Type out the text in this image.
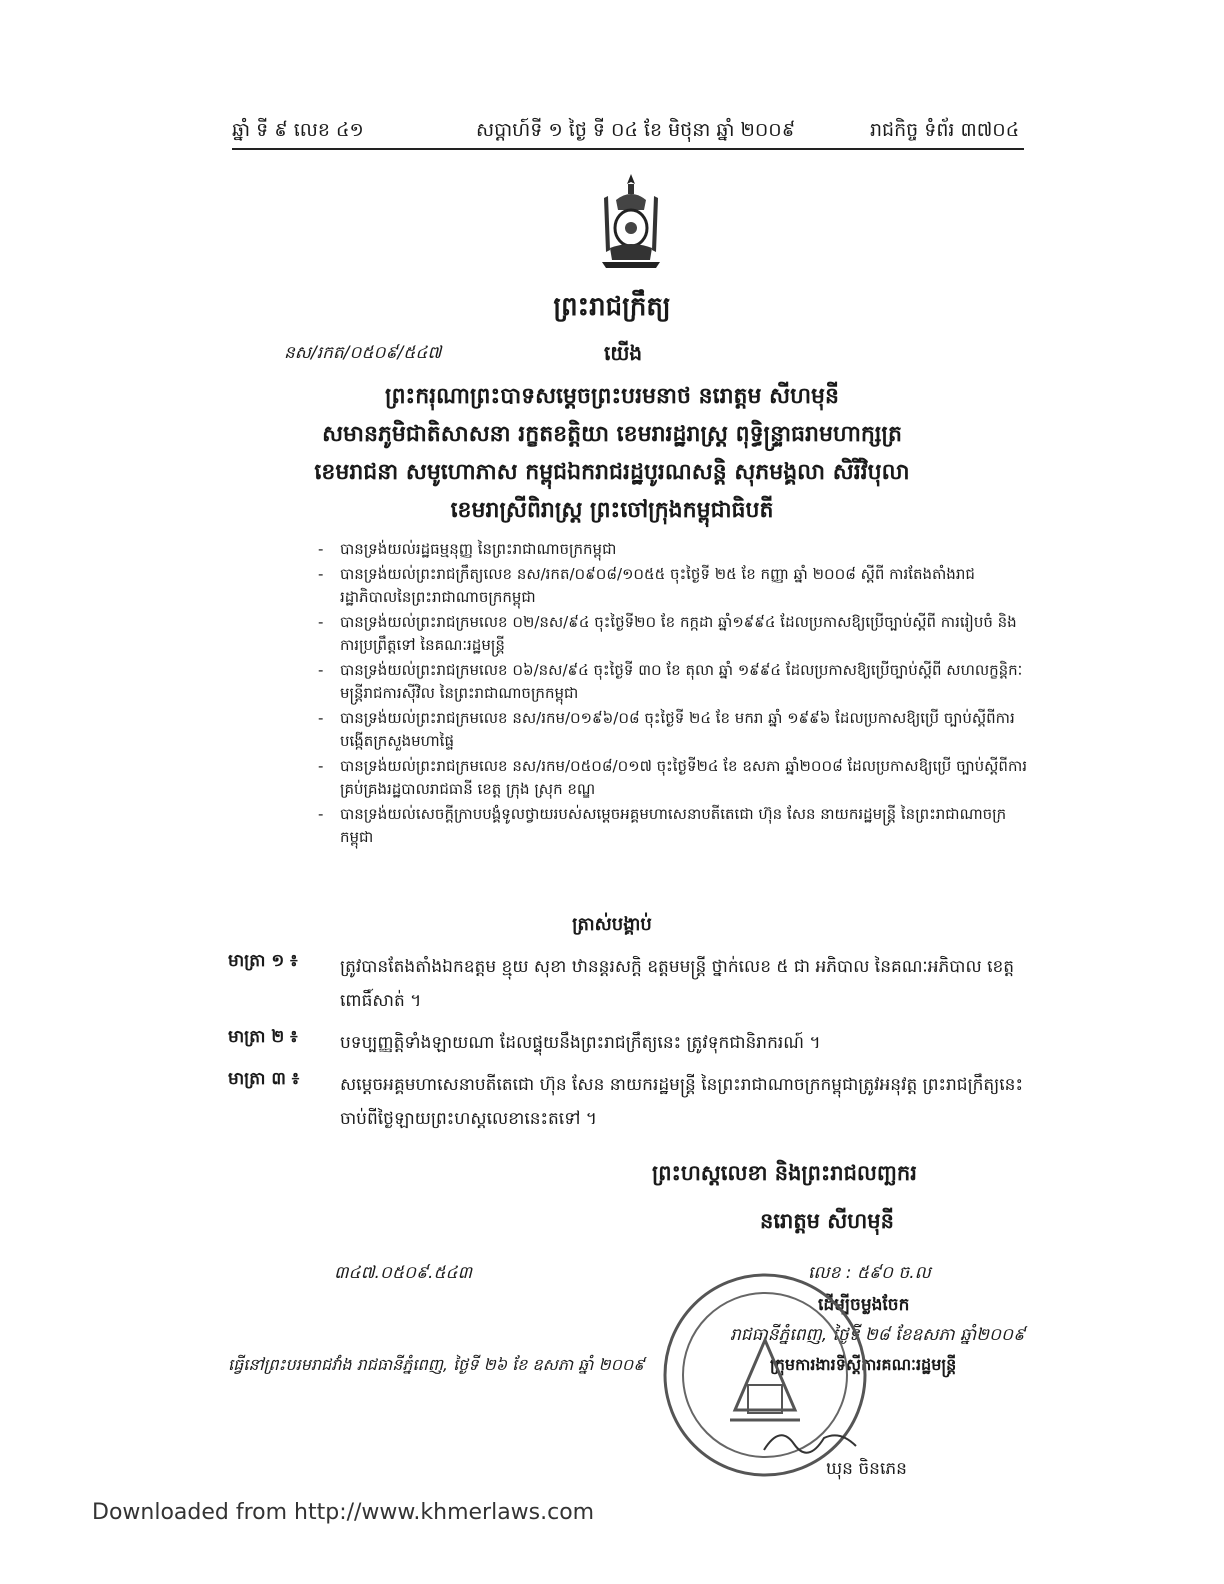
ឆ្នាំ ទី ៩ លេខ ៤១	សប្តាហ៍ទី ១ ថ្ងៃ ទី ០៤ ខែ មិថុនា ឆ្នាំ ២០០៩	រាជកិច្ច ទំព័រ ៣៧០៤
ព្រះរាជក្រឹត្យ
នស/រកត/០៥០៩/៥៤៧	យើង
ព្រះករុណាព្រះបាទសម្តេចព្រះបរមនាថ នរោត្តម សីហមុនី
សមានភូមិជាតិសាសនា រក្ខតខត្តិយា ខេមរារដ្ឋរាស្ត្រ ពុទ្ធិន្ទ្រាធរាមហាក្សត្រ
ខេមរាជនា សមូហោភាស កម្ពុជឯករាជរដ្ឋបូរណសន្តិ សុភមង្គលា សិរីវិបុលា
ខេមរាស្រីពិរាស្ត្រ ព្រះចៅក្រុងកម្ពុជាធិបតី
- បានទ្រង់យល់រដ្ឋធម្មនុញ្ញ នៃព្រះរាជាណាចក្រកម្ពុជា
- បានទ្រង់យល់ព្រះរាជក្រឹត្យលេខ នស/រកត/០៩០៨/១០៥៥ ចុះថ្ងៃទី ២៥ ខែ កញ្ញា ឆ្នាំ ២០០៨ ស្តីពី ការតែងតាំងរាជរដ្ឋាភិបាលនៃព្រះរាជាណាចក្រកម្ពុជា
- បានទ្រង់យល់ព្រះរាជក្រមលេខ ០២/នស/៩៤ ចុះថ្ងៃទី២០ ខែ កក្កដា ឆ្នាំ១៩៩៤ ដែលប្រកាសឱ្យប្រើច្បាប់ស្តីពី ការរៀបចំ និង ការប្រព្រឹត្តទៅ នៃគណៈរដ្ឋមន្ត្រី
- បានទ្រង់យល់ព្រះរាជក្រមលេខ ០៦/នស/៩៤ ចុះថ្ងៃទី ៣០ ខែ តុលា ឆ្នាំ ១៩៩៤ ដែលប្រកាសឱ្យប្រើច្បាប់ស្តីពី សហលក្ខន្តិកៈមន្ត្រីរាជការស៊ីវិល នៃព្រះរាជាណាចក្រកម្ពុជា
- បានទ្រង់យល់ព្រះរាជក្រមលេខ នស/រកម/០១៩៦/០៨ ចុះថ្ងៃទី ២៤ ខែ មករា ឆ្នាំ ១៩៩៦ ដែលប្រកាសឱ្យប្រើ ច្បាប់ស្តីពីការបង្កើតក្រសួងមហាផ្ទៃ
- បានទ្រង់យល់ព្រះរាជក្រមលេខ នស/រកម/០៥០៨/០១៧ ចុះថ្ងៃទី២៤ ខែ ឧសភា ឆ្នាំ២០០៨ ដែលប្រកាសឱ្យប្រើ ច្បាប់ស្តីពីការគ្រប់គ្រងរដ្ឋបាលរាជធានី ខេត្ត ក្រុង ស្រុក ខណ្ឌ
- បានទ្រង់យល់សេចក្តីក្រាបបង្គំទូលថ្វាយរបស់សម្តេចអគ្គមហាសេនាបតីតេជោ ហ៊ុន សែន នាយករដ្ឋមន្ត្រី នៃព្រះរាជាណាចក្រកម្ពុជា
ត្រាស់បង្គាប់
មាត្រា ១ ៖ ត្រូវបានតែងតាំងឯកឧត្តម ខ្មុយ សុខា ឋានន្តរសក្តិ ឧត្តមមន្ត្រី ថ្នាក់លេខ ៥ ជា អភិបាល នៃគណៈអភិបាល ខេត្តពោធិ៍សាត់ ។
មាត្រា ២ ៖ បទប្បញ្ញត្តិទាំងឡាយណា ដែលផ្ទុយនឹងព្រះរាជក្រឹត្យនេះ ត្រូវទុកជានិរាករណ៍ ។
មាត្រា ៣ ៖ សម្តេចអគ្គមហាសេនាបតីតេជោ ហ៊ុន សែន នាយករដ្ឋមន្ត្រី នៃព្រះរាជាណាចក្រកម្ពុជាត្រូវអនុវត្ត ព្រះរាជក្រឹត្យនេះ ចាប់ពីថ្ងៃឡាយព្រះហស្តលេខានេះតទៅ ។
ព្រះហស្តលេខា និងព្រះរាជលញ្ឆករ
នរោត្តម សីហមុនី
៣៤៧.០៥០៩.៥៤៣	លេខ : ៥៩០ ច.ល
ដើម្បីចម្លងចែក
រាជធានីភ្នំពេញ, ថ្ងៃទី ២៨ ខែឧសភា ឆ្នាំ២០០៩
ក្រុមការងារទីស្តីការគណៈរដ្ឋមន្ត្រី
ធ្វើនៅព្រះបរមរាជវាំង រាជធានីភ្នំពេញ, ថ្ងៃទី ២៦ ខែ ឧសភា ឆ្នាំ ២០០៩
ឃុន ចិនភេន
Downloaded from http://www.khmerlaws.com
